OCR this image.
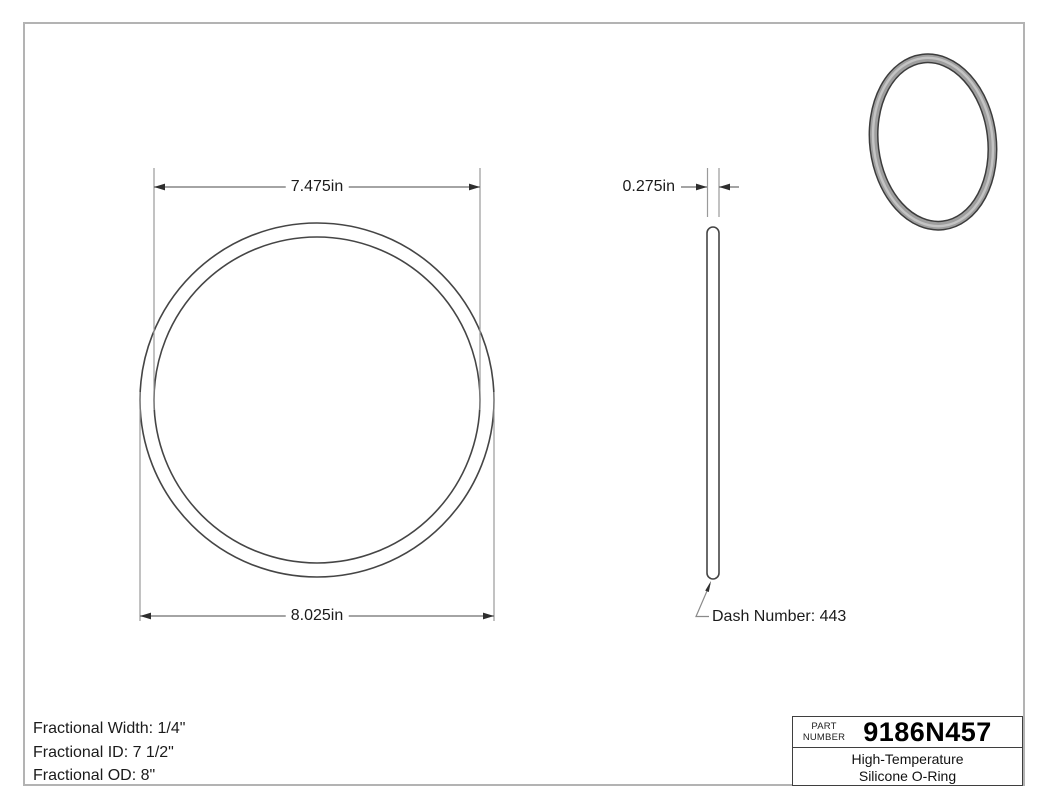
7.475in
8.025in
0.275in
Dash Number: 443
Fractional Width: 1/4"
Fractional ID: 7 1/2"
Fractional OD: 8"
PART
NUMBER 9186N457
High-Temperature
Silicone O-Ring
